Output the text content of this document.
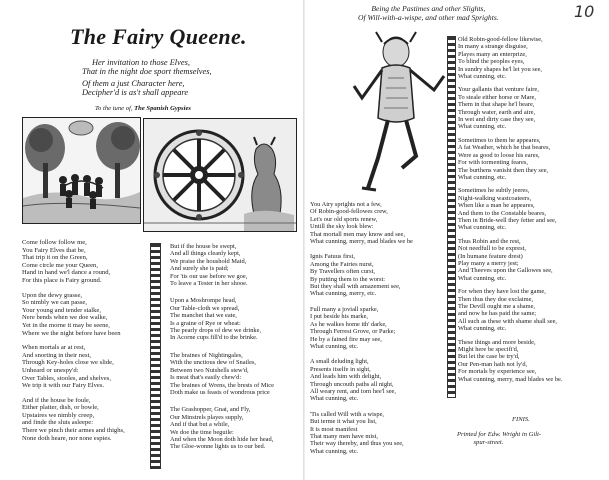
The Fairy Queene.

Her invitation to those Elves,

That in the night doe sport themselves,

Of them a just Character here,

Decipher'd is as't shall appeare

To the tune of, The Spanish Gypsies

Come follow follow me,
You Fairy Elves that be,
That trip it on the Green,
Come circle me your Queen,
Hand in hand we'l dance a round,
For this place is Fairy ground.

Upon the dewy grasse,
So nimbly we can passe,
Your young and tender stalke,
Nere bends when we doe walke,
Yet in the morne it may be seene,
Where we the night before have been

When mortals ar at rest,
And snorting in their nest,
Through Key-holes close we slide,
Unheard or unespy'd:
Over Tables, stooles, and shelves,
We trip it with our Fairy Elves.

And if the house be foule,
Either platter, dish, or bowle,
Upstaires we nimbly creep,
and finde the sluts asleepe:
There we pinch their armes and thighs,
None doth heare, nor none espies.

But if the house be swept,
And all things cleanly kept,
We praise the houshold Maid,
And surely she is paid;
For 'tis our use before we goe,
To leave a Tester in her shooe.

Upon a Moshrompe head,
Our Table-cloth we spread,
The manchet that we eate,
Is a graine of Rye or wheat:
The pearly drops of dew we drinke,
In Acorne cups fill'd to the brinke.

The braines of Nightingales,
With the unctious dew of Snailes,
Between two Nutshells stew'd,
Is meat that's easily chew'd:
The braines of Wrens, the brests of Mice
Doth make us feasts of wondrous price

The Grashopper, Gnat, and Fly,
Our Minstrels playes supply,
And if that but a while,
We doe the time beguile:
And when the Moon doth hide her head,
The Gloe-wonne lights us to our bed.

Being the Pastimes and other Slights,
Of Will-with-a-wispe, and other mad Sprights.	10

You Airy sprights not a few,
Of Robin-good-fellowes crew,
Let's our old sports renew,
Untill the sky look blew:
That mortall men may know and see,
What cunning, merry, mad blades we be

Ignis Fatuus first,
Among the Fairies nurst,
By Travellers often curst,
By putting them to the worst:
But they shall with amazement see,
What cunning, merry, etc.

Full many a joviall sparke,
I put beside his marke,
As he walkes home ith' darke,
Through Ferrest Grove, or Parke;
He by a fained fire may see,
What cunning, etc.

A small deluding light,
Presents itselfe in sight,
And leads him with delight,
Through uncouth paths all night,
All weary rent, and torn hee'l see,
What cunning, etc.

'Tis called Will with a wispe,
But terme it what you list,
It is most manifest
That many men have mist,
Their way thereby, and thus you see,
What cunning, etc.

Old Robin-good-fellow likewise,
In many a strange disguise,
Playes many an enterprize,
To blind the peoples eyes,
In sundry shapes he'l let you see,
What cunning, etc.

Your gallants that venture faire,
To steale either horse or Mare,
Them in that shape he'l beare,
Through water, earth and aire,
In wet and dirty case they see,
What cunning, etc.

Sometimes to them he appeares,
A fat Weather, which he that beares,
Were as good to loose his eares,
For with tormenting feares,
The burthens vanisht then they see,
What cunning, etc.

Sometimes he subtly jeeres,
Night-walking wastcoateers,
When like a man he appeares,
And them to the Constable beares,
Then in Bride-well they fetter and see,
What cunning, etc.

Thus Robin and the rest,
Not needfull to be exprest,
(In humane feature drest)
Play many a merry jest;
And Theeves upon the Gallowes see,
What cunning, etc.

For when they have lost the game,
Then thus they doe exclaime,
The Devill ought me a shame,
and now he has paid the same;
All such as these with shame shall see,
What cunning, etc.

These things and more beside,
Might here be specifi'd,
But let the case be try'd,
Our Pen-man hath not ly'd,
For mortals by experience see,
What cunning, merry, mad blades we be.

FINIS.

Printed for Edw. Wright in Gilt-
spur-street.
